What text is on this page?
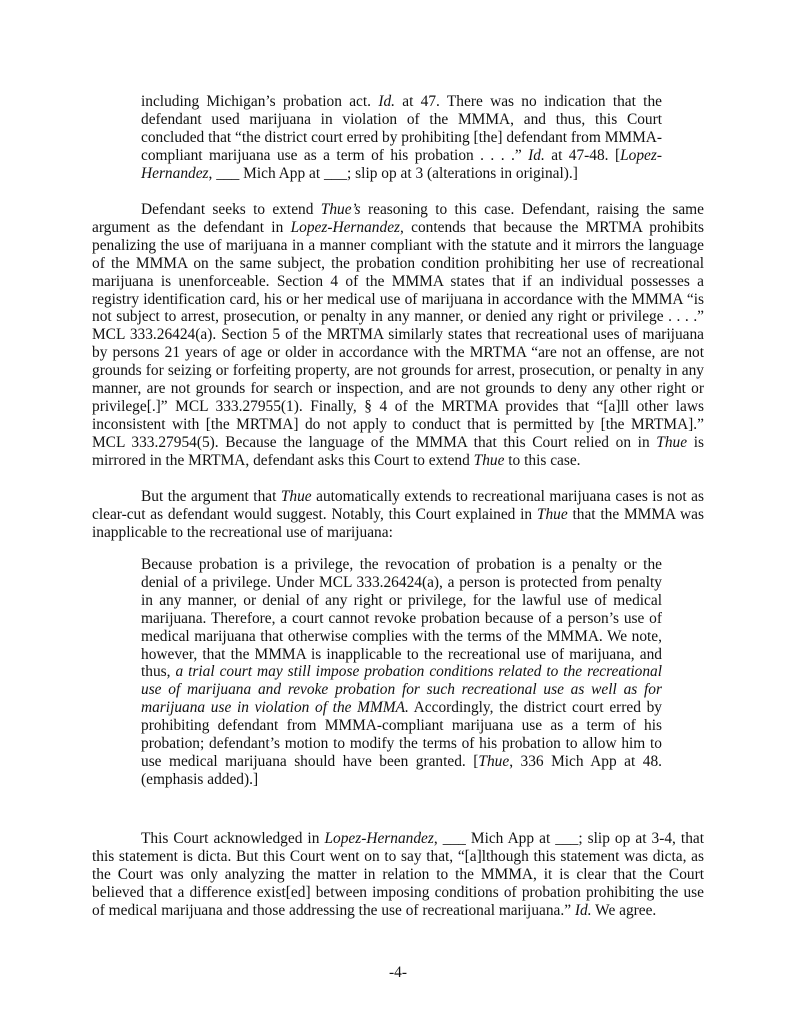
including Michigan’s probation act. Id. at 47. There was no indication that the defendant used marijuana in violation of the MMMA, and thus, this Court concluded that “the district court erred by prohibiting [the] defendant from MMMA-compliant marijuana use as a term of his probation . . . .” Id. at 47-48. [Lopez-Hernandez, ___ Mich App at ___; slip op at 3 (alterations in original).]

Defendant seeks to extend Thue’s reasoning to this case. Defendant, raising the same argument as the defendant in Lopez-Hernandez, contends that because the MRTMA prohibits penalizing the use of marijuana in a manner compliant with the statute and it mirrors the language of the MMMA on the same subject, the probation condition prohibiting her use of recreational marijuana is unenforceable. Section 4 of the MMMA states that if an individual possesses a registry identification card, his or her medical use of marijuana in accordance with the MMMA “is not subject to arrest, prosecution, or penalty in any manner, or denied any right or privilege . . . .” MCL 333.26424(a). Section 5 of the MRTMA similarly states that recreational uses of marijuana by persons 21 years of age or older in accordance with the MRTMA “are not an offense, are not grounds for seizing or forfeiting property, are not grounds for arrest, prosecution, or penalty in any manner, are not grounds for search or inspection, and are not grounds to deny any other right or privilege[.]” MCL 333.27955(1). Finally, § 4 of the MRTMA provides that “[a]ll other laws inconsistent with [the MRTMA] do not apply to conduct that is permitted by [the MRTMA].” MCL 333.27954(5). Because the language of the MMMA that this Court relied on in Thue is mirrored in the MRTMA, defendant asks this Court to extend Thue to this case.

But the argument that Thue automatically extends to recreational marijuana cases is not as clear-cut as defendant would suggest. Notably, this Court explained in Thue that the MMMA was inapplicable to the recreational use of marijuana:

Because probation is a privilege, the revocation of probation is a penalty or the denial of a privilege. Under MCL 333.26424(a), a person is protected from penalty in any manner, or denial of any right or privilege, for the lawful use of medical marijuana. Therefore, a court cannot revoke probation because of a person’s use of medical marijuana that otherwise complies with the terms of the MMMA. We note, however, that the MMMA is inapplicable to the recreational use of marijuana, and thus, a trial court may still impose probation conditions related to the recreational use of marijuana and revoke probation for such recreational use as well as for marijuana use in violation of the MMMA. Accordingly, the district court erred by prohibiting defendant from MMMA-compliant marijuana use as a term of his probation; defendant’s motion to modify the terms of his probation to allow him to use medical marijuana should have been granted. [Thue, 336 Mich App at 48. (emphasis added).]

This Court acknowledged in Lopez-Hernandez, ___ Mich App at ___; slip op at 3-4, that this statement is dicta. But this Court went on to say that, “[a]lthough this statement was dicta, as the Court was only analyzing the matter in relation to the MMMA, it is clear that the Court believed that a difference exist[ed] between imposing conditions of probation prohibiting the use of medical marijuana and those addressing the use of recreational marijuana.” Id. We agree.

-4-
